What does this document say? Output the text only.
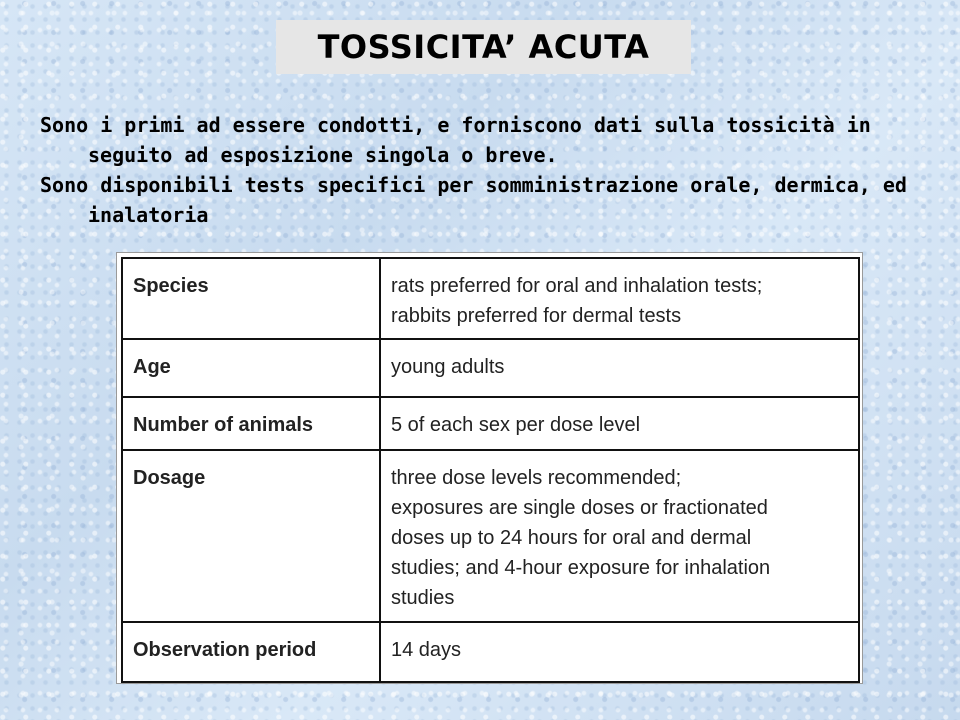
TOSSICITA’ ACUTA

Sono i primi ad essere condotti, e forniscono dati sulla tossicità in seguito ad esposizione singola o breve.

Sono disponibili tests specifici per somministrazione orale, dermica, ed inalatoria

Species	rats preferred for oral and inhalation tests;
rabbits preferred for dermal tests

Age	young adults

Number of animals	5 of each sex per dose level

Dosage	three dose levels recommended;
exposures are single doses or fractionated
doses up to 24 hours for oral and dermal
studies; and 4-hour exposure for inhalation
studies

Observation period	14 days
